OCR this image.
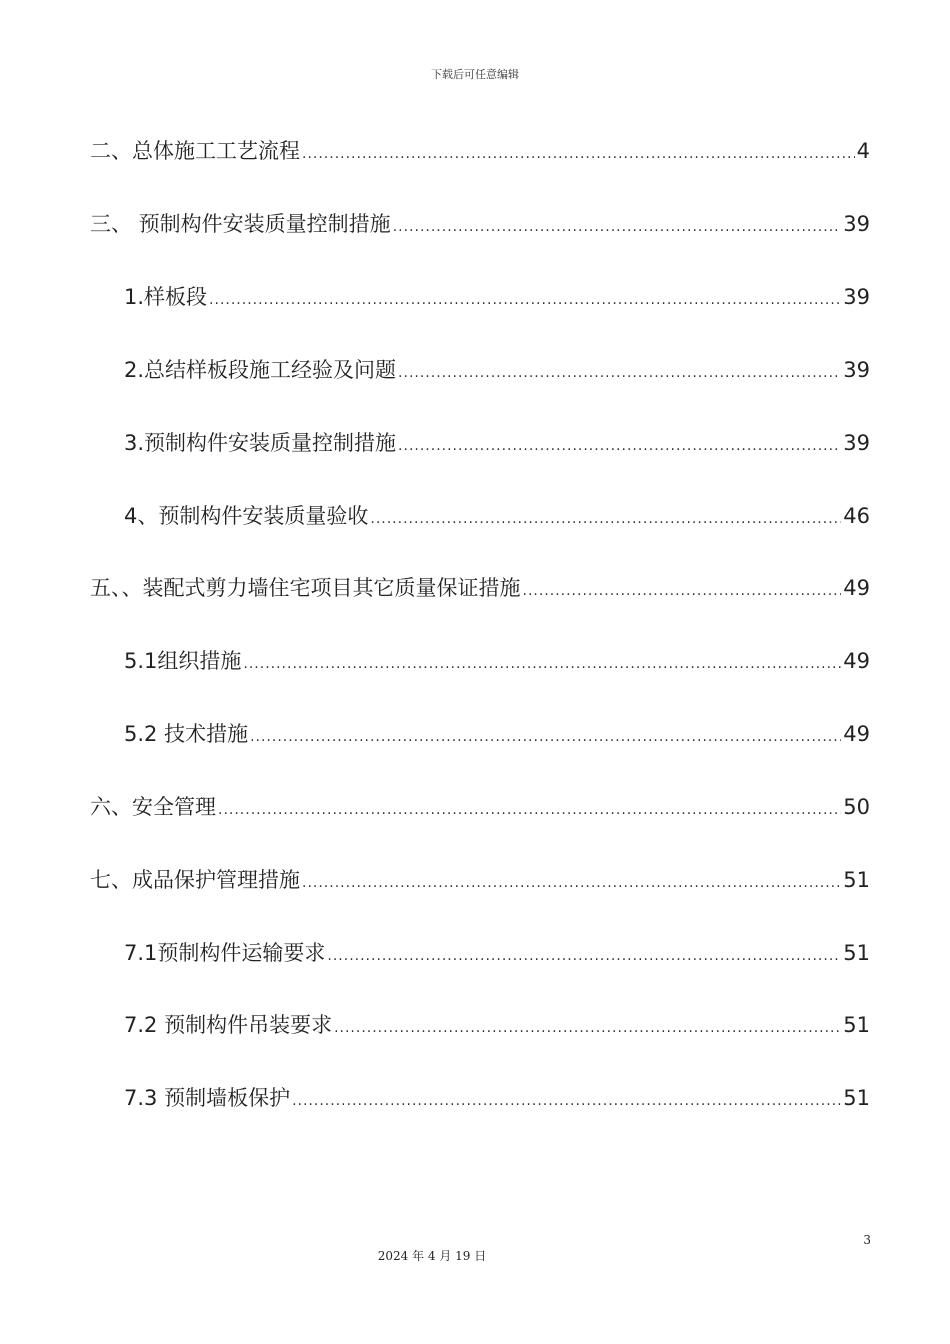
下载后可任意编辑
二、总体施工工艺流程 .....	4
三、 预制构件安装质量控制措施 .....	39
1.样板段 .....	39
2.总结样板段施工经验及问题 .....	39
3.预制构件安装质量控制措施 .....	39
4、预制构件安装质量验收 .....	46
五、、装配式剪力墙住宅项目其它质量保证措施 .....	49
5.1组织措施 .....	49
5.2 技术措施 .....	49
六、安全管理 .....	50
七、成品保护管理措施 .....	51
7.1预制构件运输要求 .....	51
7.2 预制构件吊装要求 .....	51
7.3 预制墙板保护 .....	51
3
2024 年 4 月 19 日
